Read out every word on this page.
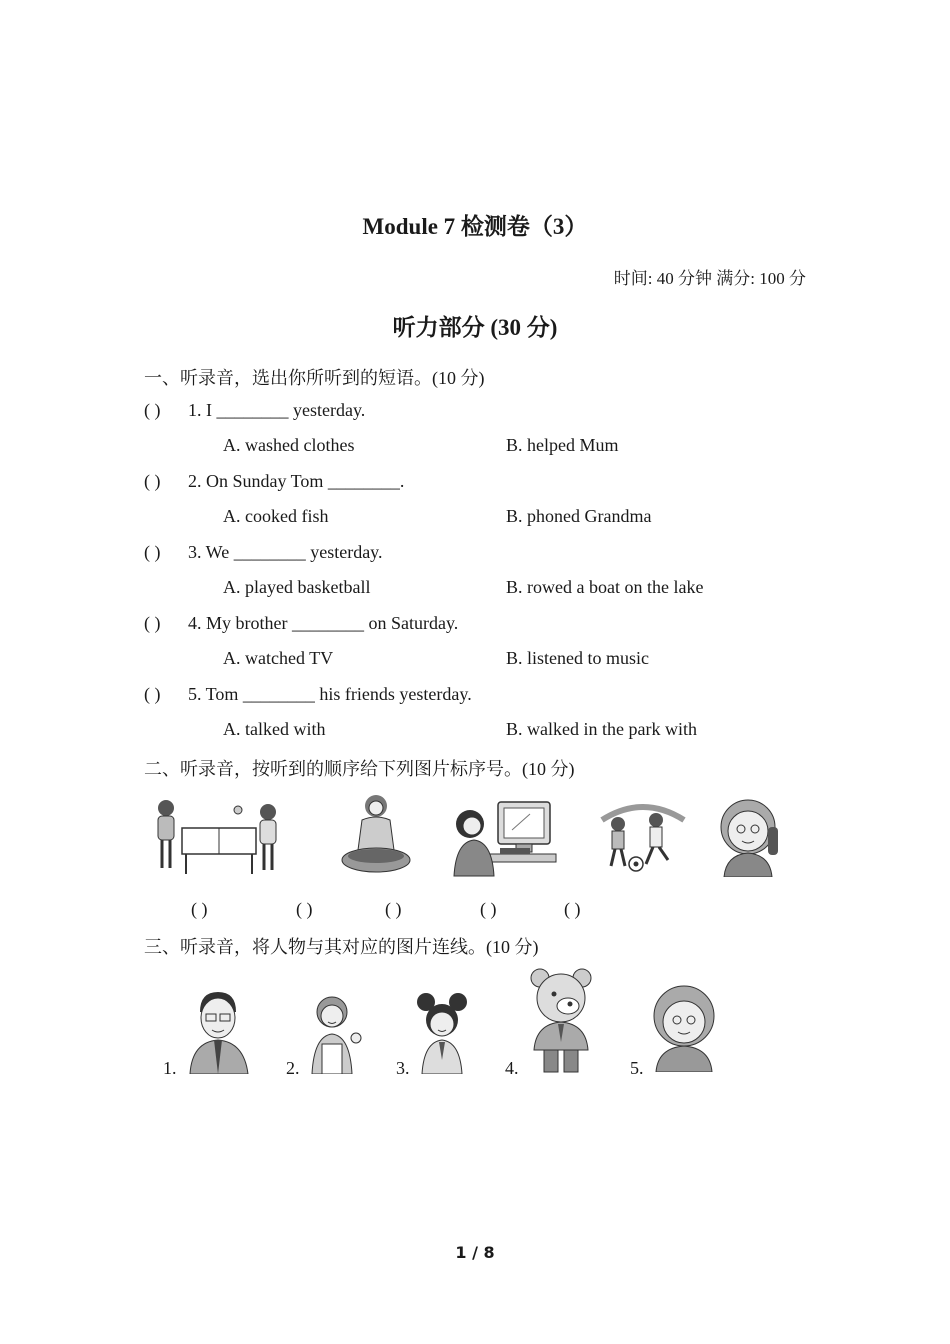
Module 7 检测卷（3）
时间: 40 分钟 满分: 100 分
听力部分 (30 分)
一、听录音，选出你所听到的短语。(10 分)
( ) 1. I ________ yesterday.
A. washed clothes	B. helped Mum
( ) 2. On Sunday Tom ________.
A. cooked fish	B. phoned Grandma
( ) 3. We ________ yesterday.
A. played basketball	B. rowed a boat on the lake
( ) 4. My brother ________ on Saturday.
A. watched TV	B. listened to music
( ) 5. Tom ________ his friends yesterday.
A. talked with	B. walked in the park with
二、听录音，按听到的顺序给下列图片标序号。(10 分)
( )	( )	( )	( )	( )
三、听录音，将人物与其对应的图片连线。(10 分)
1.	2.	3.	4.	5.
1 / 8
